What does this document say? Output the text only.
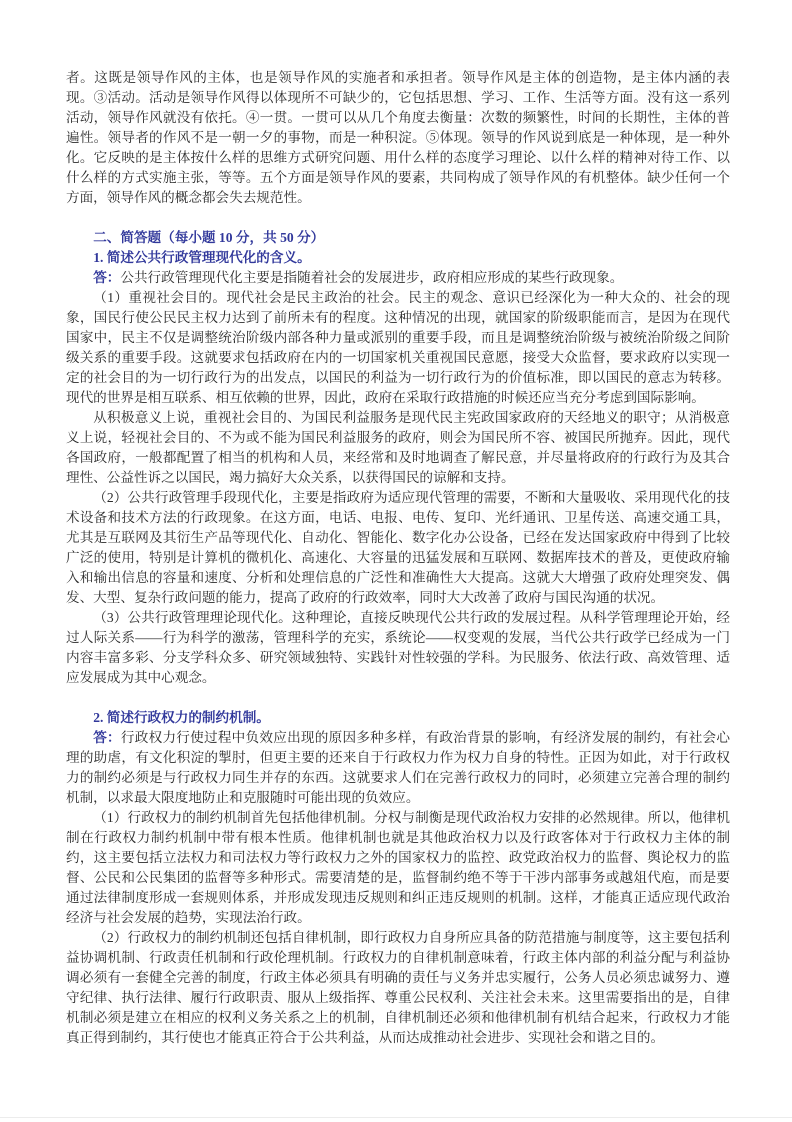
者。这既是领导作风的主体，也是领导作风的实施者和承担者。领导作风是主体的创造物，是主体内涵的表现。③活动。活动是领导作风得以体现所不可缺少的，它包括思想、学习、工作、生活等方面。没有这一系列活动，领导作风就没有依托。④一贯。一贯可以从几个角度去衡量：次数的频繁性，时间的长期性，主体的普遍性。领导者的作风不是一朝一夕的事物，而是一种积淀。⑤体现。领导的作风说到底是一种体现，是一种外化。它反映的是主体按什么样的思维方式研究问题、用什么样的态度学习理论、以什么样的精神对待工作、以什么样的方式实施主张，等等。五个方面是领导作风的要素，共同构成了领导作风的有机整体。缺少任何一个方面，领导作风的概念都会失去规范性。

二、简答题（每小题 10 分，共 50 分）

1. 简述公共行政管理现代化的含义。

答：公共行政管理现代化主要是指随着社会的发展进步，政府相应形成的某些行政现象。

（1）重视社会目的。现代社会是民主政治的社会。民主的观念、意识已经深化为一种大众的、社会的现象，国民行使公民民主权力达到了前所未有的程度。这种情况的出现，就国家的阶级职能而言，是因为在现代国家中，民主不仅是调整统治阶级内部各种力量或派别的重要手段，而且是调整统治阶级与被统治阶级之间阶级关系的重要手段。这就要求包括政府在内的一切国家机关重视国民意愿，接受大众监督，要求政府以实现一定的社会目的为一切行政行为的出发点，以国民的利益为一切行政行为的价值标准，即以国民的意志为转移。现代的世界是相互联系、相互依赖的世界，因此，政府在采取行政措施的时候还应当充分考虑到国际影响。

从积极意义上说，重视社会目的、为国民利益服务是现代民主宪政国家政府的天经地义的职守；从消极意义上说，轻视社会目的、不为或不能为国民利益服务的政府，则会为国民所不容、被国民所抛弃。因此，现代各国政府，一般都配置了相当的机构和人员，来经常和及时地调查了解民意，并尽量将政府的行政行为及其合理性、公益性诉之以国民，竭力搞好大众关系，以获得国民的谅解和支持。

（2）公共行政管理手段现代化，主要是指政府为适应现代管理的需要，不断和大量吸收、采用现代化的技术设备和技术方法的行政现象。在这方面，电话、电报、电传、复印、光纤通讯、卫星传送、高速交通工具，尤其是互联网及其衍生产品等现代化、自动化、智能化、数字化办公设备，已经在发达国家政府中得到了比较广泛的使用，特别是计算机的微机化、高速化、大容量的迅猛发展和互联网、数据库技术的普及，更使政府输入和输出信息的容量和速度、分析和处理信息的广泛性和准确性大大提高。这就大大增强了政府处理突发、偶发、大型、复杂行政问题的能力，提高了政府的行政效率，同时大大改善了政府与国民沟通的状况。

（3）公共行政管理理论现代化。这种理论，直接反映现代公共行政的发展过程。从科学管理理论开始，经过人际关系——行为科学的激荡，管理科学的充实，系统论——权变观的发展，当代公共行政学已经成为一门内容丰富多彩、分支学科众多、研究领域独特、实践针对性较强的学科。为民服务、依法行政、高效管理、适应发展成为其中心观念。

2. 简述行政权力的制约机制。

答：行政权力行使过程中负效应出现的原因多种多样，有政治背景的影响，有经济发展的制约，有社会心理的助虐，有文化积淀的掣肘，但更主要的还来自于行政权力作为权力自身的特性。正因为如此，对于行政权力的制约必须是与行政权力同生并存的东西。这就要求人们在完善行政权力的同时，必须建立完善合理的制约机制，以求最大限度地防止和克服随时可能出现的负效应。

（1）行政权力的制约机制首先包括他律机制。分权与制衡是现代政治权力安排的必然规律。所以，他律机制在行政权力制约机制中带有根本性质。他律机制也就是其他政治权力以及行政客体对于行政权力主体的制约，这主要包括立法权力和司法权力等行政权力之外的国家权力的监控、政党政治权力的监督、舆论权力的监督、公民和公民集团的监督等多种形式。需要清楚的是，监督制约绝不等于干涉内部事务或越俎代庖，而是要通过法律制度形成一套规则体系，并形成发现违反规则和纠正违反规则的机制。这样，才能真正适应现代政治经济与社会发展的趋势，实现法治行政。

（2）行政权力的制约机制还包括自律机制，即行政权力自身所应具备的防范措施与制度等，这主要包括利益协调机制、行政责任机制和行政伦理机制。行政权力的自律机制意味着，行政主体内部的利益分配与利益协调必须有一套健全完善的制度，行政主体必须具有明确的责任与义务并忠实履行，公务人员必须忠诚努力、遵守纪律、执行法律、履行行政职责、服从上级指挥、尊重公民权利、关注社会未来。这里需要指出的是，自律机制必须是建立在相应的权利义务关系之上的机制，自律机制还必须和他律机制有机结合起来，行政权力才能真正得到制约，其行使也才能真正符合于公共利益，从而达成推动社会进步、实现社会和谐之目的。
